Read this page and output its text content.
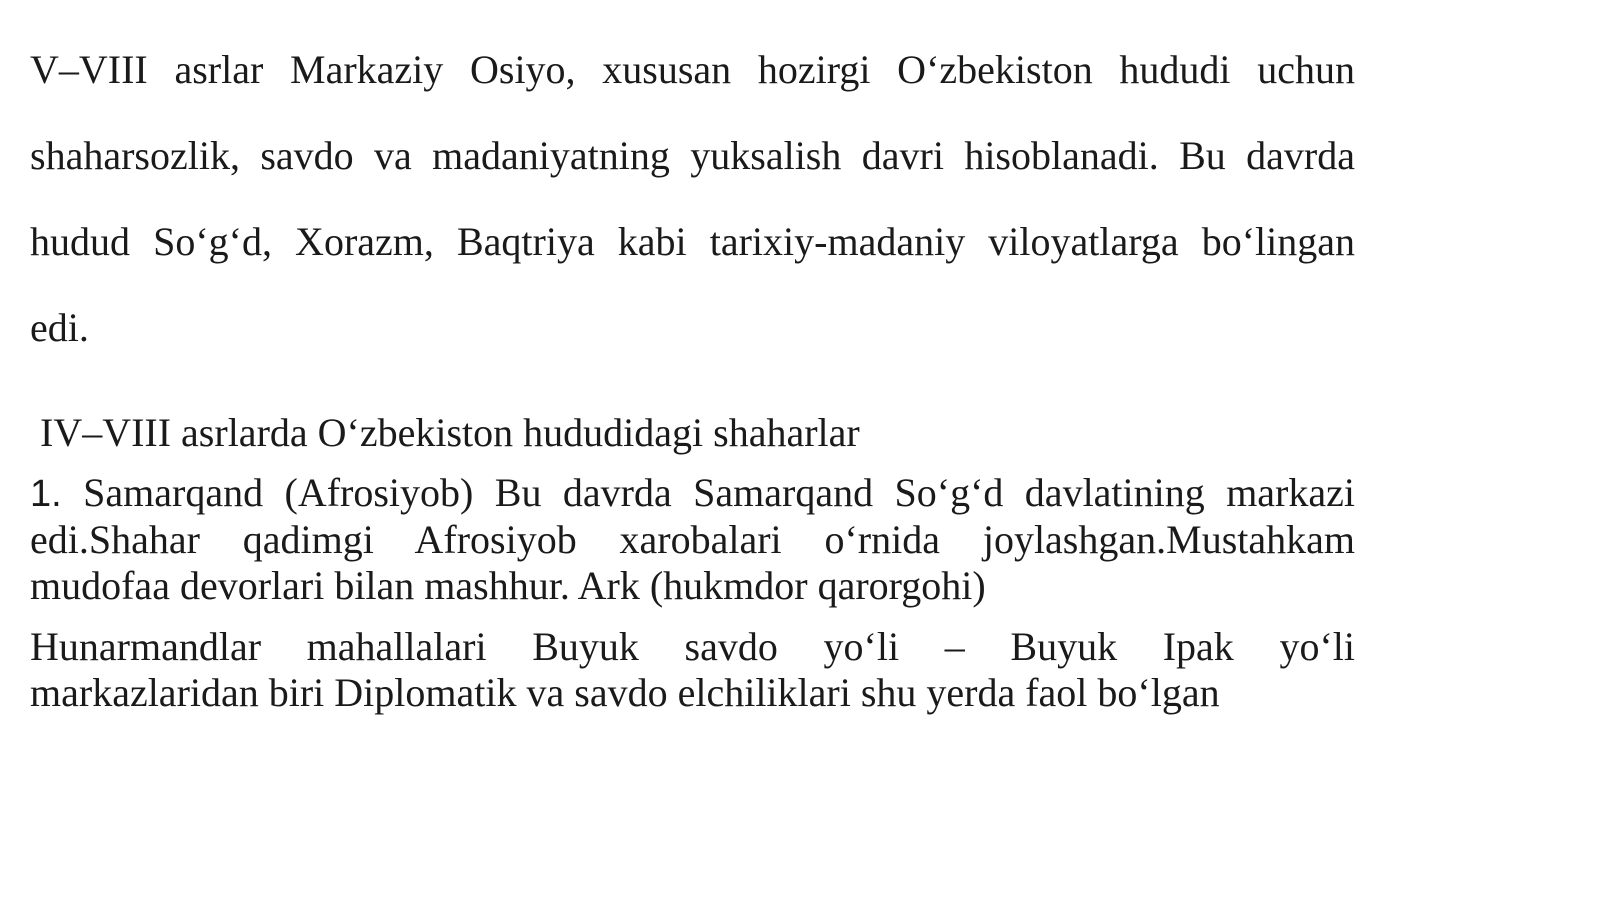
V–VIII asrlar Markaziy Osiyo, xususan hozirgi O‘zbekiston hududi uchun
shaharsozlik, savdo va madaniyatning yuksalish davri hisoblanadi. Bu davrda
hudud So‘g‘d, Xorazm, Baqtriya kabi tarixiy-madaniy viloyatlarga bo‘lingan
edi.
IV–VIII asrlarda O‘zbekiston hududidagi shaharlar

1. Samarqand (Afrosiyob) Bu davrda Samarqand So‘g‘d davlatining markazi
edi.Shahar qadimgi Afrosiyob xarobalari o‘rnida joylashgan.Mustahkam
mudofaa devorlari bilan mashhur. Ark (hukmdor qarorgohi)

Hunarmandlar mahallalari Buyuk savdo yo‘li – Buyuk Ipak yo‘li
markazlaridan biri Diplomatik va savdo elchiliklari shu yerda faol bo‘lgan
